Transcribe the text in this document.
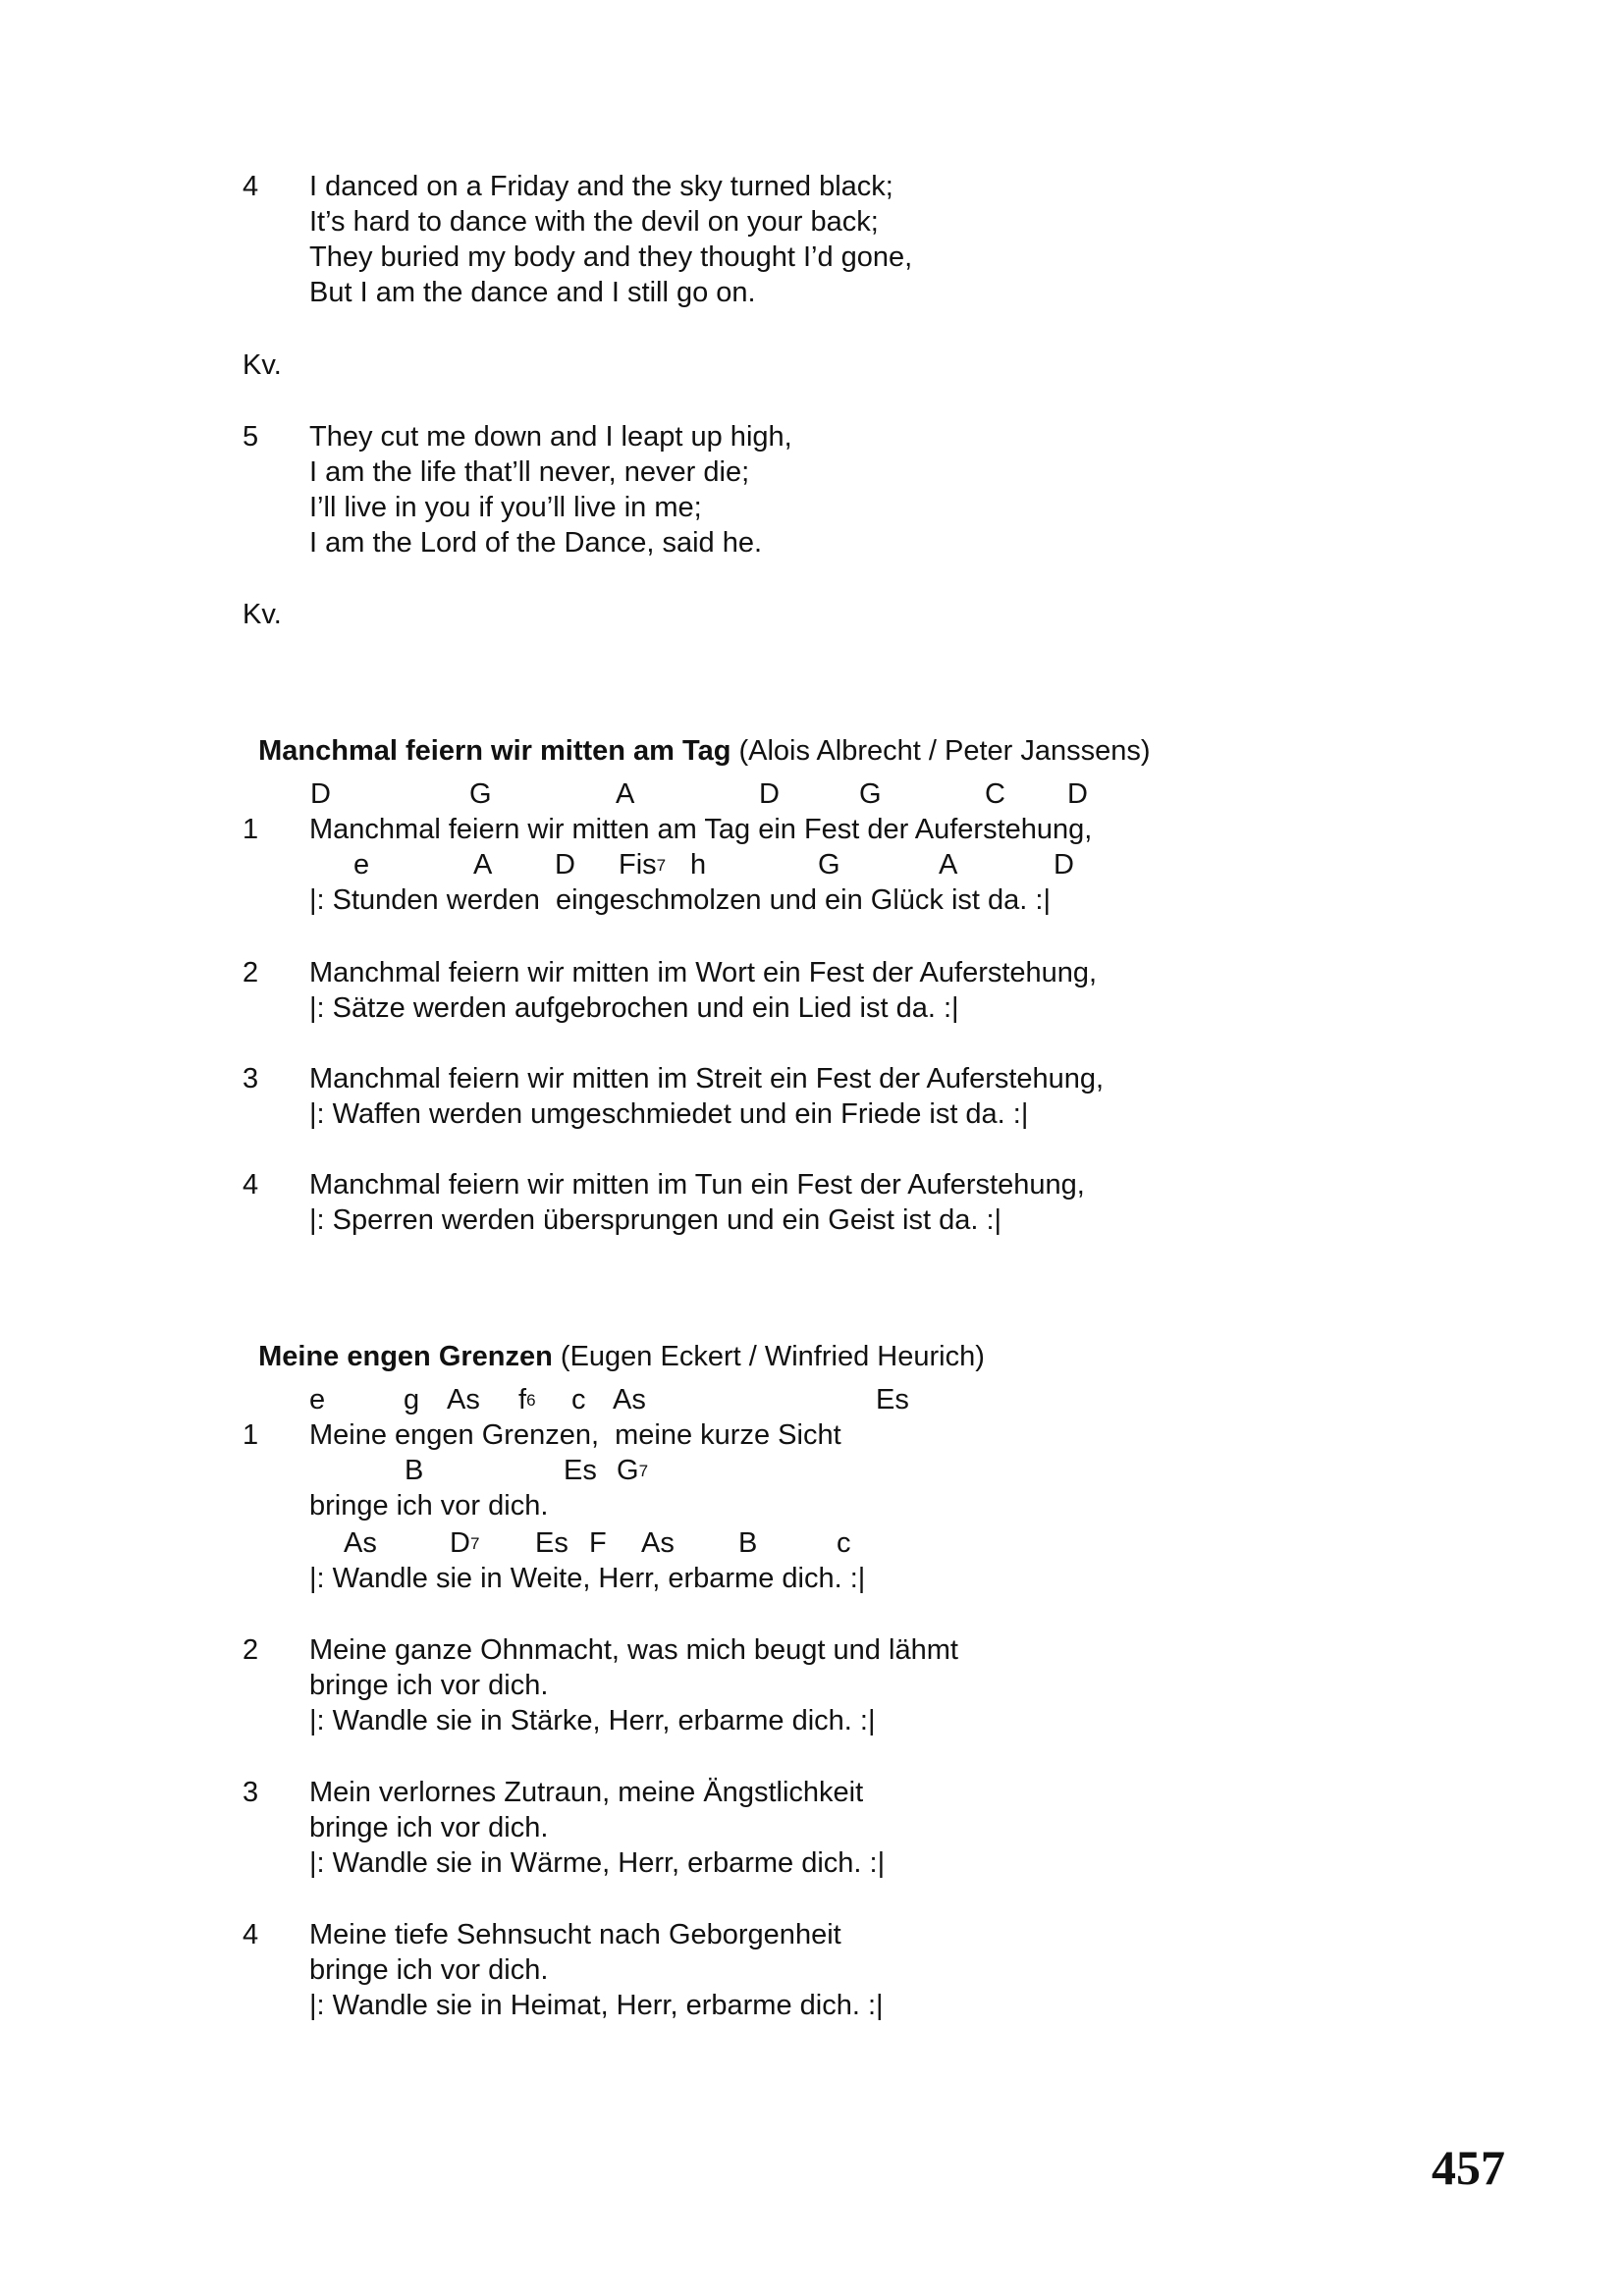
4 I danced on a Friday and the sky turned black;
It’s hard to dance with the devil on your back;
They buried my body and they thought I’d gone,
But I am the dance and I still go on.
Kv.
5 They cut me down and I leapt up high,
I am the life that’ll never, never die;
I’ll live in you if you’ll live in me;
I am the Lord of the Dance, said he.
Kv.

Manchmal feiern wir mitten am Tag (Alois Albrecht / Peter Janssens)

D	G	A	D	G	C D
1 Manchmal feiern wir mitten am Tag ein Fest der Auferstehung,
e	A D Fis$^7$ h	G	A	D
|: Stunden werden  eingeschmolzen und ein Glück ist da. :|
2 Manchmal feiern wir mitten im Wort ein Fest der Auferstehung,
|: Sätze werden aufgebrochen und ein Lied ist da. :|
3 Manchmal feiern wir mitten im Streit ein Fest der Auferstehung,
|: Waffen werden umgeschmiedet und ein Friede ist da. :|
4 Manchmal feiern wir mitten im Tun ein Fest der Auferstehung,
|: Sperren werden übersprungen und ein Geist ist da. :|

Meine engen Grenzen (Eugen Eckert / Winfried Heurich)

e	g As $f^6$ c As	Es
1 Meine engen Grenzen,  meine kurze Sicht
B	Es $G^7$
bringe ich vor dich.
As	$D^7$ Es F As B	c
|: Wandle sie in Weite, Herr, erbarme dich. :|
2 Meine ganze Ohnmacht, was mich beugt und lähmt
bringe ich vor dich.
|: Wandle sie in Stärke, Herr, erbarme dich. :|
3 Mein verlornes Zutraun, meine Ängstlichkeit
bringe ich vor dich.
|: Wandle sie in Wärme, Herr, erbarme dich. :|
4 Meine tiefe Sehnsucht nach Geborgenheit
bringe ich vor dich.
|: Wandle sie in Heimat, Herr, erbarme dich. :|
457
